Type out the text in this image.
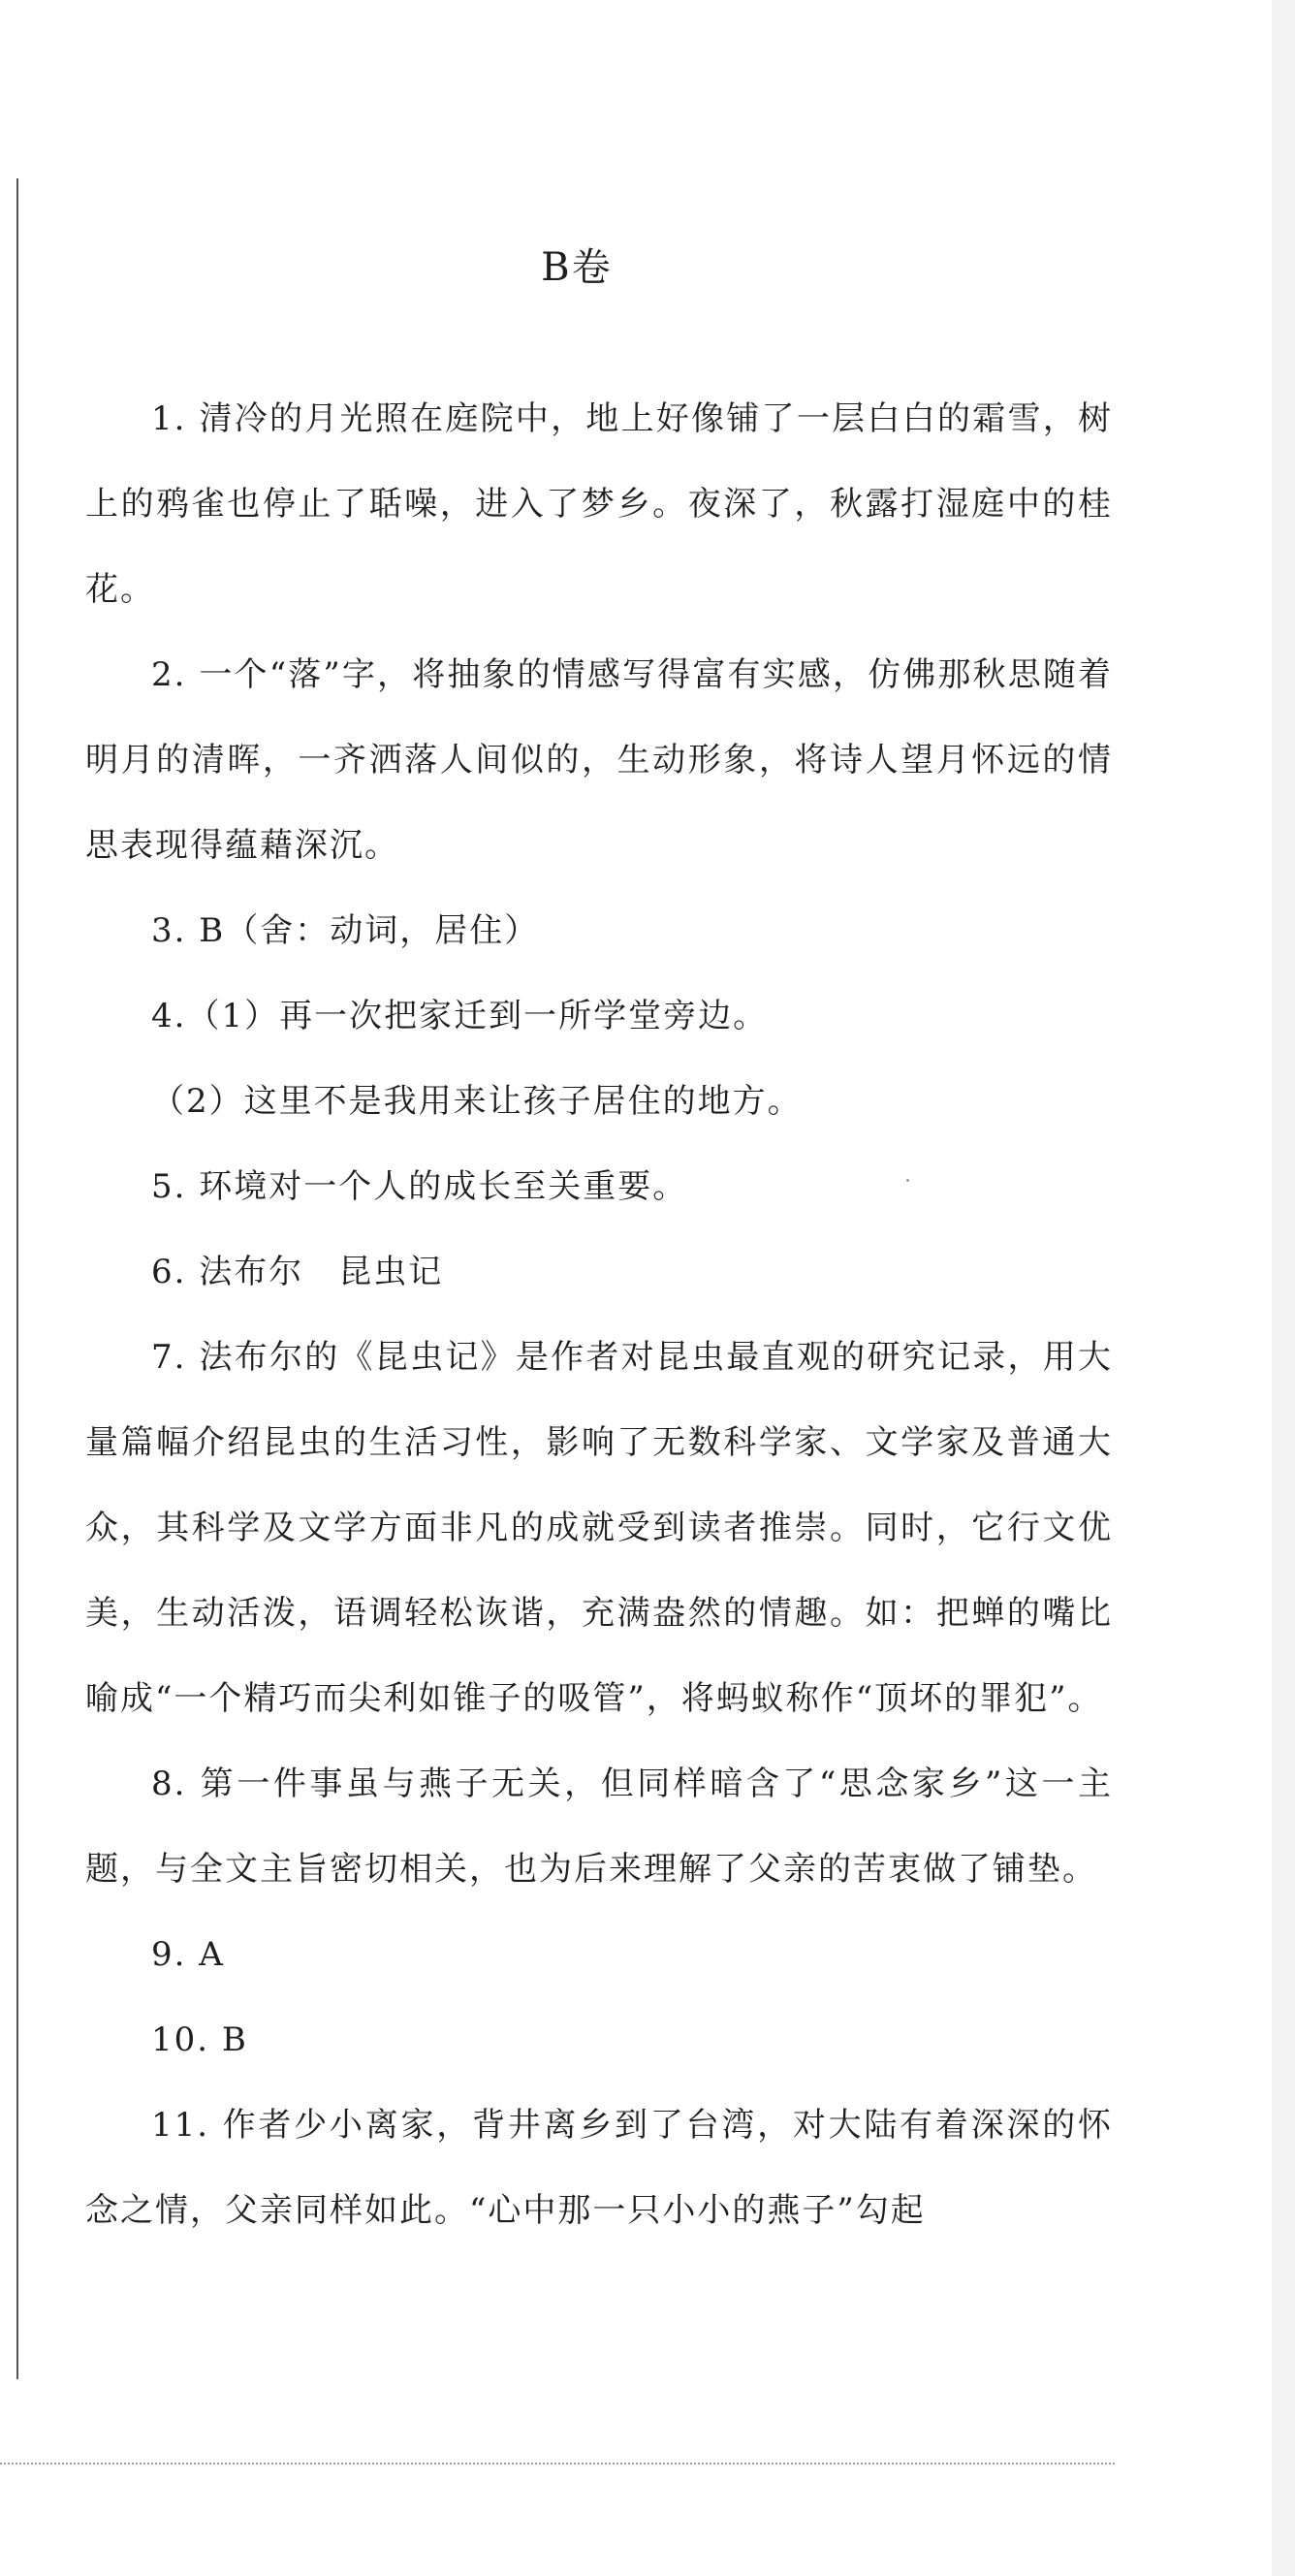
B卷

1. 清冷的月光照在庭院中，地上好像铺了一层白白的霜雪，树上的鸦雀也停止了聒噪，进入了梦乡。夜深了，秋露打湿庭中的桂花。

2. 一个“落”字，将抽象的情感写得富有实感，仿佛那秋思随着明月的清晖，一齐洒落人间似的，生动形象，将诗人望月怀远的情思表现得蕴藉深沉。

3. B（舍：动词，居住）

4.（1）再一次把家迁到一所学堂旁边。

（2）这里不是我用来让孩子居住的地方。

5. 环境对一个人的成长至关重要。

6. 法布尔　昆虫记

7. 法布尔的《昆虫记》是作者对昆虫最直观的研究记录，用大量篇幅介绍昆虫的生活习性，影响了无数科学家、文学家及普通大众，其科学及文学方面非凡的成就受到读者推崇。同时，它行文优美，生动活泼，语调轻松诙谐，充满盎然的情趣。如：把蝉的嘴比喻成“一个精巧而尖利如锥子的吸管”，将蚂蚁称作“顶坏的罪犯”。

8. 第一件事虽与燕子无关，但同样暗含了“思念家乡”这一主题，与全文主旨密切相关，也为后来理解了父亲的苦衷做了铺垫。

9. A

10. B

11. 作者少小离家，背井离乡到了台湾，对大陆有着深深的怀念之情，父亲同样如此。“心中那一只小小的燕子”勾起
